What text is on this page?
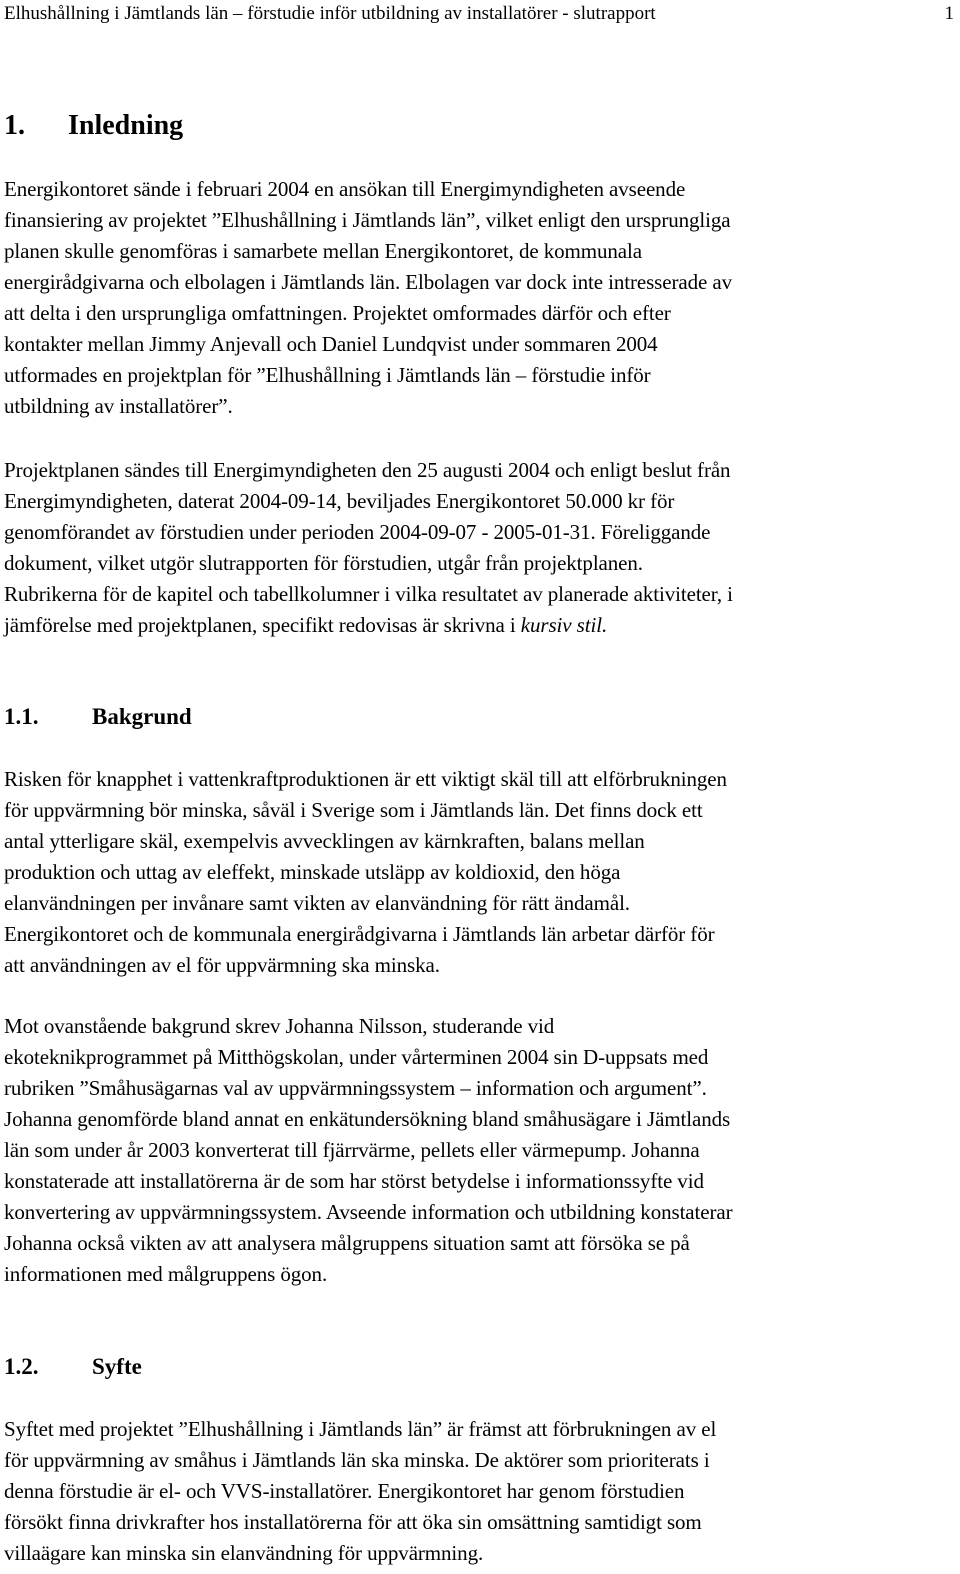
Elhushållning i Jämtlands län – förstudie inför utbildning av installatörer - slutrapport	1
1. Inledning
Energikontoret sände i februari 2004 en ansökan till Energimyndigheten avseende
finansiering av projektet ”Elhushållning i Jämtlands län”, vilket enligt den ursprungliga
planen skulle genomföras i samarbete mellan Energikontoret, de kommunala
energirådgivarna och elbolagen i Jämtlands län. Elbolagen var dock inte intresserade av
att delta i den ursprungliga omfattningen. Projektet omformades därför och efter
kontakter mellan Jimmy Anjevall och Daniel Lundqvist under sommaren 2004
utformades en projektplan för ”Elhushållning i Jämtlands län – förstudie inför
utbildning av installatörer”.
Projektplanen sändes till Energimyndigheten den 25 augusti 2004 och enligt beslut från
Energimyndigheten, daterat 2004-09-14, beviljades Energikontoret 50.000 kr för
genomförandet av förstudien under perioden 2004-09-07 - 2005-01-31. Föreliggande
dokument, vilket utgör slutrapporten för förstudien, utgår från projektplanen.
Rubrikerna för de kapitel och tabellkolumner i vilka resultatet av planerade aktiviteter, i
jämförelse med projektplanen, specifikt redovisas är skrivna i kursiv stil.
1.1. Bakgrund
Risken för knapphet i vattenkraftproduktionen är ett viktigt skäl till att elförbrukningen
för uppvärmning bör minska, såväl i Sverige som i Jämtlands län. Det finns dock ett
antal ytterligare skäl, exempelvis avvecklingen av kärnkraften, balans mellan
produktion och uttag av eleffekt, minskade utsläpp av koldioxid, den höga
elanvändningen per invånare samt vikten av elanvändning för rätt ändamål.
Energikontoret och de kommunala energirådgivarna i Jämtlands län arbetar därför för
att användningen av el för uppvärmning ska minska.
Mot ovanstående bakgrund skrev Johanna Nilsson, studerande vid
ekoteknikprogrammet på Mitthögskolan, under vårterminen 2004 sin D-uppsats med
rubriken ”Småhusägarnas val av uppvärmningssystem – information och argument”.
Johanna genomförde bland annat en enkätundersökning bland småhusägare i Jämtlands
län som under år 2003 konverterat till fjärrvärme, pellets eller värmepump. Johanna
konstaterade att installatörerna är de som har störst betydelse i informationssyfte vid
konvertering av uppvärmningssystem. Avseende information och utbildning konstaterar
Johanna också vikten av att analysera målgruppens situation samt att försöka se på
informationen med målgruppens ögon.
1.2. Syfte
Syftet med projektet ”Elhushållning i Jämtlands län” är främst att förbrukningen av el
för uppvärmning av småhus i Jämtlands län ska minska. De aktörer som prioriterats i
denna förstudie är el- och VVS-installatörer. Energikontoret har genom förstudien
försökt finna drivkrafter hos installatörerna för att öka sin omsättning samtidigt som
villaägare kan minska sin elanvändning för uppvärmning.
